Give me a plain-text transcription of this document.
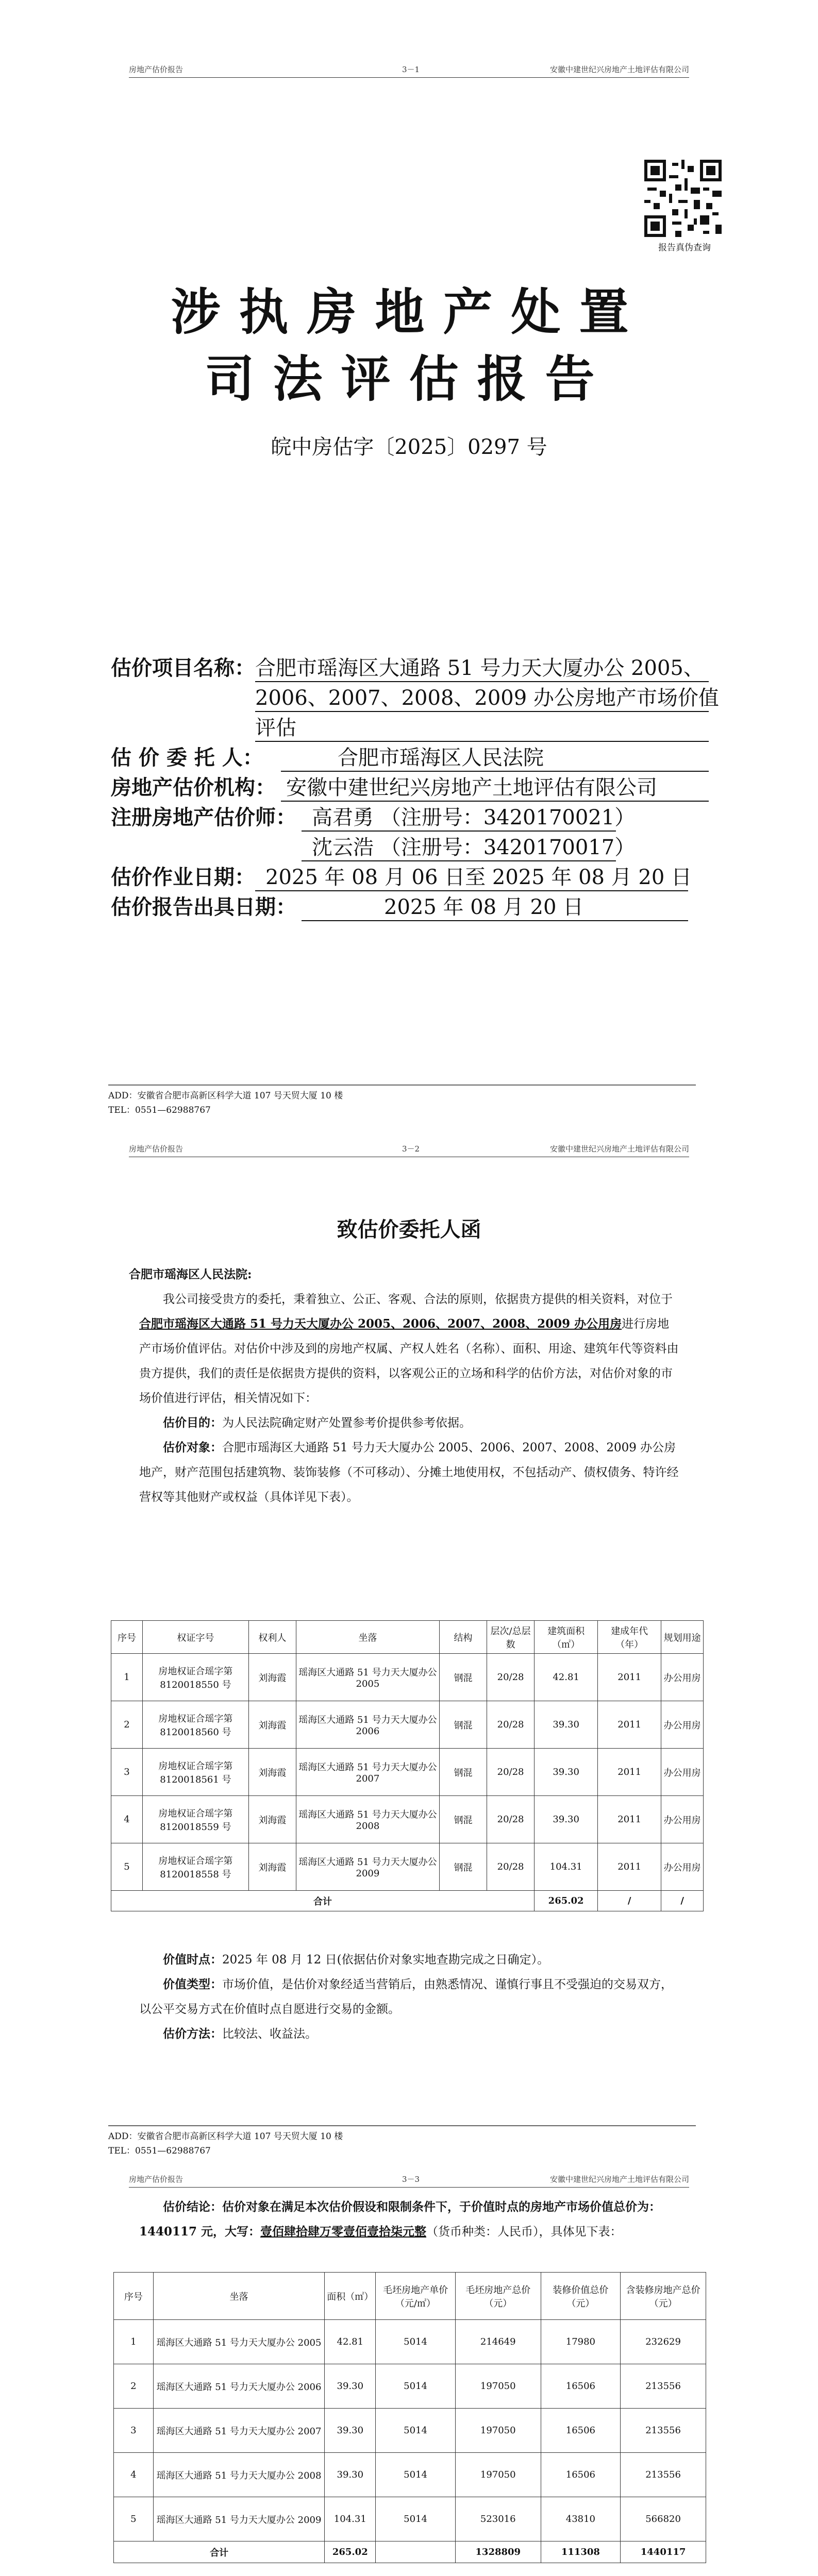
房地产估价报告	3－1	安徽中建世纪兴房地产土地评估有限公司
报告真伪查询
涉执房地产处置
司法评估报告
皖中房估字〔2025〕0297 号
估价项目名称： 合肥市瑶海区大通路 51 号力天大厦办公 2005、
2006、2007、2008、2009 办公房地产市场价值
评估
估 价 委 托 人：	合肥市瑶海区人民法院
房地产估价机构： 安徽中建世纪兴房地产土地评估有限公司
注册房地产估价师： 高君勇 （注册号：3420170021）
沈云浩 （注册号：3420170017）
估价作业日期： 2025 年 08 月 06 日至 2025 年 08 月 20 日
估价报告出具日期：	2025 年 08 月 20 日
ADD：安徽省合肥市高新区科学大道 107 号天贸大厦 10 楼
TEL：0551—62988767
房地产估价报告	3－2	安徽中建世纪兴房地产土地评估有限公司
致估价委托人函
合肥市瑶海区人民法院:
我公司接受贵方的委托，秉着独立、公正、客观、合法的原则，依据贵方提供的相关资料，对位于合肥市瑶海区大通路 51 号力天大厦办公 2005、2006、2007、2008、2009 办公用房进行房地产市场价值评估。对估价中涉及到的房地产权属、产权人姓名（名称）、面积、用途、建筑年代等资料由贵方提供，我们的责任是依据贵方提供的资料，以客观公正的立场和科学的估价方法，对估价对象的市场价值进行评估，相关情况如下：
估价目的：为人民法院确定财产处置参考价提供参考依据。
估价对象：合肥市瑶海区大通路 51 号力天大厦办公 2005、2006、2007、2008、2009 办公房地产，财产范围包括建筑物、装饰装修（不可移动）、分摊土地使用权，不包括动产、债权债务、特许经营权等其他财产或权益（具体详见下表）。
序号	权证字号	权利人	坐落	结构	层次/总层数	建筑面积（㎡）	建成年代（年）	规划用途
1	房地权证合瑶字第 8120018550 号	刘海霞	瑶海区大通路 51 号力天大厦办公 2005	钢混	20/28	42.81	2011	办公用房
2	房地权证合瑶字第 8120018560 号	刘海霞	瑶海区大通路 51 号力天大厦办公 2006	钢混	20/28	39.30	2011	办公用房
3	房地权证合瑶字第 8120018561 号	刘海霞	瑶海区大通路 51 号力天大厦办公 2007	钢混	20/28	39.30	2011	办公用房
4	房地权证合瑶字第 8120018559 号	刘海霞	瑶海区大通路 51 号力天大厦办公 2008	钢混	20/28	39.30	2011	办公用房
5	房地权证合瑶字第 8120018558 号	刘海霞	瑶海区大通路 51 号力天大厦办公 2009	钢混	20/28	104.31	2011	办公用房
合计						265.02	/	/
价值时点：2025 年 08 月 12 日(依据估价对象实地查勘完成之日确定）。
价值类型：市场价值，是估价对象经适当营销后，由熟悉情况、谨慎行事且不受强迫的交易双方，以公平交易方式在价值时点自愿进行交易的金额。
估价方法：比较法、收益法。
ADD：安徽省合肥市高新区科学大道 107 号天贸大厦 10 楼
TEL：0551—62988767
房地产估价报告	3－3	安徽中建世纪兴房地产土地评估有限公司
估价结论：估价对象在满足本次估价假设和限制条件下，于价值时点的房地产市场价值总价为：1440117 元，大写：壹佰肆拾肆万零壹佰壹拾柒元整（货币种类：人民币），具体见下表：
序号	坐落	面积（㎡）	毛坯房地产单价（元/㎡）	毛坯房地产总价（元）	装修价值总价（元）	含装修房地产总价（元）
1	瑶海区大通路 51 号力天大厦办公 2005	42.81	5014	214649	17980	232629
2	瑶海区大通路 51 号力天大厦办公 2006	39.30	5014	197050	16506	213556
3	瑶海区大通路 51 号力天大厦办公 2007	39.30	5014	197050	16506	213556
4	瑶海区大通路 51 号力天大厦办公 2008	39.30	5014	197050	16506	213556
5	瑶海区大通路 51 号力天大厦办公 2009	104.31	5014	523016	43810	566820
合计		265.02		1328809	111308	1440117
